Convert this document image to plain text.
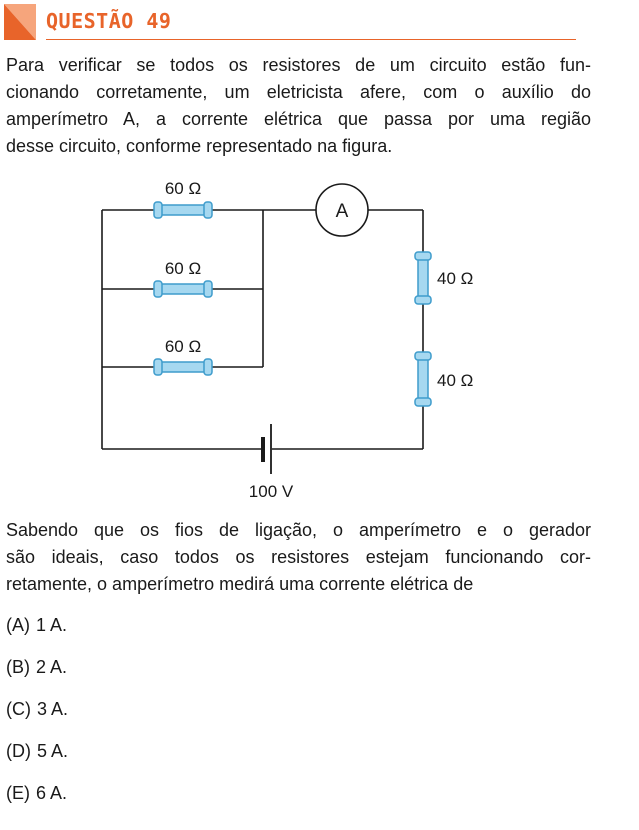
QUESTÃO 49
Para verificar se todos os resistores de um circuito estão fun-
cionando corretamente, um eletricista afere, com o auxílio do
amperímetro A, a corrente elétrica que passa por uma região
desse circuito, conforme representado na figura.
A
60 Ω
60 Ω
60 Ω
40 Ω
40 Ω
100 V
Sabendo que os fios de ligação, o amperímetro e o gerador
são ideais, caso todos os resistores estejam funcionando cor-
retamente, o amperímetro medirá uma corrente elétrica de
(A) 1 A.
(B) 2 A.
(C) 3 A.
(D) 5 A.
(E) 6 A.
